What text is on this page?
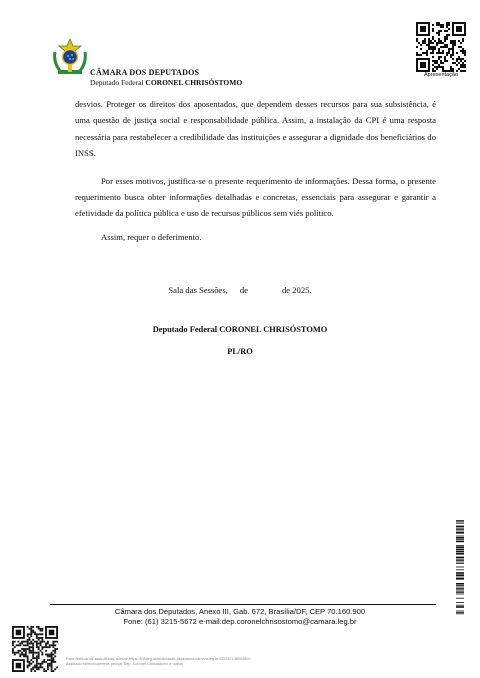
CÂMARA DOS DEPUTADOS
Deputado Federal CORONEL CHRISÓSTOMO
Apresentação

desvios. Proteger os direitos dos aposentados, que dependem desses recursos para sua subsistência, é uma questão de justiça social e responsabilidade pública. Assim, a instalação da CPI é uma resposta necessária para restabelecer a credibilidade das instituições e assegurar a dignidade dos beneficiários do INSS.

Por esses motivos, justifica-se o presente requerimento de informações. Dessa forma, o presente requerimento busca obter informações detalhadas e concretas, essenciais para assegurar e garantir a efetividade da política pública e uso de recursos públicos sem viés político.

Assim, requer o deferimento.

Sala das Sessões, de	de 2025.
Deputado Federal CORONEL CHRISÓSTOMO
PL/RO
Câmara dos Deputados, Anexo III, Gab. 672, Brasília/DF, CEP 70.160.900
Fone: (61) 3215-5672 e-mail:dep.coronelchrisostomo@camara.leg.br
Para verificar as assinaturas, acesse https://infoleg-autenticidade-assinatura.camara.leg.br/CD252108094800
Assinado eletronicamente pelo(a) Dep. Coronel Chrisóstomo e outros
